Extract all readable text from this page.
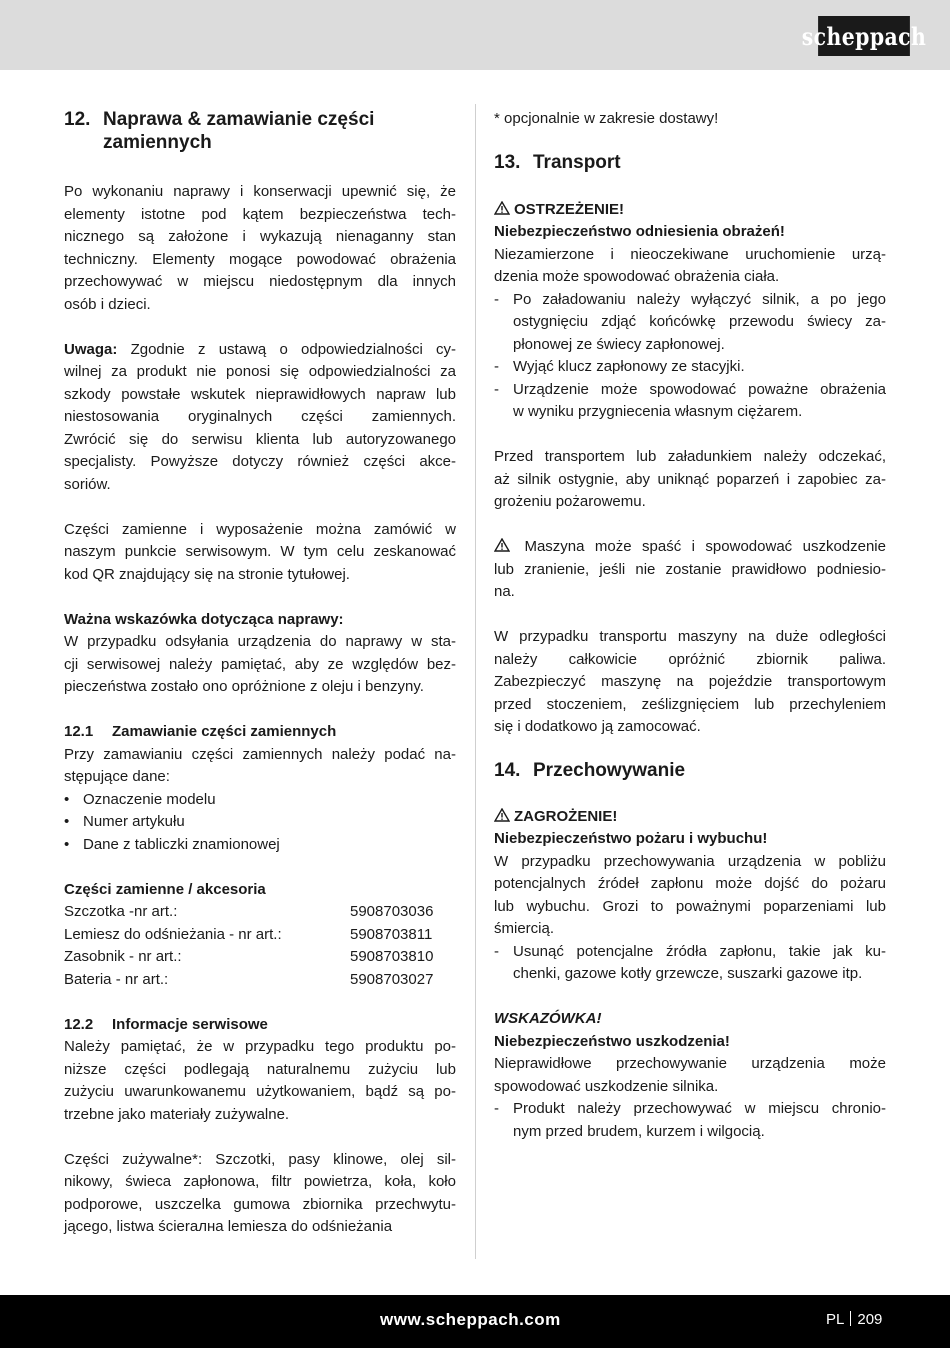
scheppach
12. Naprawa & zamawianie części
zamiennych

Po wykonaniu naprawy i konserwacji upewnić się, że

elementy istotne pod kątem bezpieczeństwa tech-

nicznego są założone i wykazują nienaganny stan

techniczny. Elementy mogące powodować obrażenia

przechowywać w miejscu niedostępnym dla innych

osób i dzieci.

Uwaga: Zgodnie z ustawą o odpowiedzialności cy-

wilnej za produkt nie ponosi się odpowiedzialności za

szkody powstałe wskutek nieprawidłowych napraw lub

niestosowania oryginalnych części zamiennych.

Zwrócić się do serwisu klienta lub autoryzowanego

specjalisty. Powyższe dotyczy również części akce-

soriów.

Części zamienne i wyposażenie można zamówić w

naszym punkcie serwisowym. W tym celu zeskanować

kod QR znajdujący się na stronie tytułowej.

Ważna wskazówka dotycząca naprawy:

W przypadku odsyłania urządzenia do naprawy w sta-

cji serwisowej należy pamiętać, aby ze względów bez-

pieczeństwa zostało ono opróżnione z oleju i benzyny.

12.1	Zamawianie części zamiennych

Przy zamawianiu części zamiennych należy podać na-

stępujące dane:

• Oznaczenie modelu
• Numer artykułu
• Dane z tabliczki znamionowej

Części zamienne / akcesoria

Szczotka -nr art.:	5908703036
Lemiesz do odśnieżania - nr art.:	5908703811
Zasobnik - nr art.:	5908703810
Bateria - nr art.:	5908703027
12.2	Informacje serwisowe

Należy pamiętać, że w przypadku tego produktu po-

niższe części podlegają naturalnemu zużyciu lub

zużyciu uwarunkowanemu użytkowaniem, bądź są po-

trzebne jako materiały zużywalne.

Części zużywalne*: Szczotki, pasy klinowe, olej sil-

nikowy, świeca zapłonowa, filtr powietrza, koła, koło

podporowe, uszczelka gumowa zbiornika przechwytu-

jącego, listwa ścierална lemiesza do odśnieżania

* opcjonalnie w zakresie dostawy!

13. Transport

OSTRZEŻENIE!

Niebezpieczeństwo odniesienia obrażeń!

Niezamierzone i nieoczekiwane uruchomienie urzą-

dzenia może spowodować obrażenia ciała.

- Po załadowaniu należy wyłączyć silnik, a po jego
ostygnięciu zdjąć końcówkę przewodu świecy za-
płonowej ze świecy zapłonowej.
- Wyjąć klucz zapłonowy ze stacyjki.
- Urządzenie może spowodować poważne obrażenia
w wyniku przygniecenia własnym ciężarem.

Przed transportem lub załadunkiem należy odczekać,

aż silnik ostygnie, aby uniknąć poparzeń i zapobiec za-

grożeniu pożarowemu.

Maszyna może spaść i spowodować uszkodzenie

lub zranienie, jeśli nie zostanie prawidłowo podniesio-

na.

W przypadku transportu maszyny na duże odległości

należy całkowicie opróżnić zbiornik paliwa.

Zabezpieczyć maszynę na pojeździe transportowym

przed stoczeniem, ześlizgnięciem lub przechyleniem

się i dodatkowo ją zamocować.

14. Przechowywanie

ZAGROŻENIE!

Niebezpieczeństwo pożaru i wybuchu!

W przypadku przechowywania urządzenia w pobliżu

potencjalnych źródeł zapłonu może dojść do pożaru

lub wybuchu. Grozi to poważnymi poparzeniami lub

śmiercią.

- Usunąć potencjalne źródła zapłonu, takie jak ku-
chenki, gazowe kotły grzewcze, suszarki gazowe itp.

WSKAZÓWKA!

Niebezpieczeństwo uszkodzenia!

Nieprawidłowe przechowywanie urządzenia może

spowodować uszkodzenie silnika.

- Produkt należy przechowywać w miejscu chronio-
nym przed brudem, kurzem i wilgocią.
www.scheppach.com	PL 209
